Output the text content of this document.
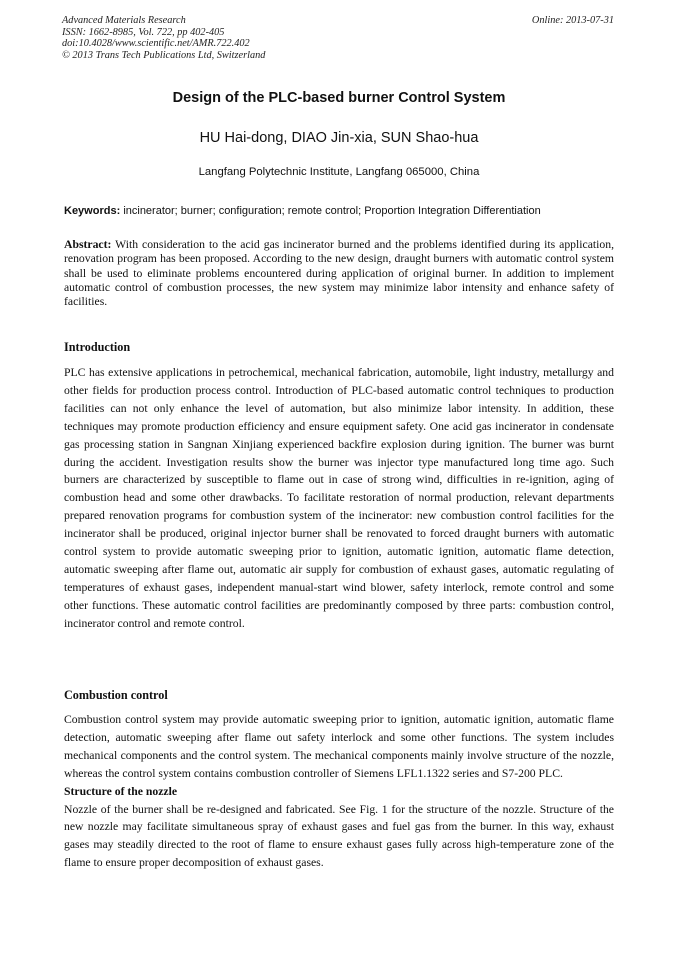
Advanced Materials Research
ISSN: 1662-8985, Vol. 722, pp 402-405
doi:10.4028/www.scientific.net/AMR.722.402
© 2013 Trans Tech Publications Ltd, Switzerland
Online: 2013-07-31
Design of the PLC-based burner Control System
HU Hai-dong, DIAO Jin-xia, SUN Shao-hua
Langfang Polytechnic Institute, Langfang 065000, China
Keywords: incinerator; burner; configuration; remote control; Proportion Integration Differentiation

Abstract: With consideration to the acid gas incinerator burned and the problems identified during its application, renovation program has been proposed. According to the new design, draught burners with automatic control system shall be used to eliminate problems encountered during application of original burner. In addition to implement automatic control of combustion processes, the new system may minimize labor intensity and enhance safety of facilities.

Introduction

PLC has extensive applications in petrochemical, mechanical fabrication, automobile, light industry, metallurgy and other fields for production process control. Introduction of PLC-based automatic control techniques to production facilities can not only enhance the level of automation, but also minimize labor intensity. In addition, these techniques may promote production efficiency and ensure equipment safety. One acid gas incinerator in condensate gas processing station in Sangnan Xinjiang experienced backfire explosion during ignition. The burner was burnt during the accident. Investigation results show the burner was injector type manufactured long time ago. Such burners are characterized by susceptible to flame out in case of strong wind, difficulties in re-ignition, aging of combustion head and some other drawbacks. To facilitate restoration of normal production, relevant departments prepared renovation programs for combustion system of the incinerator: new combustion control facilities for the incinerator shall be produced, original injector burner shall be renovated to forced draught burners with automatic control system to provide automatic sweeping prior to ignition, automatic ignition, automatic flame detection, automatic sweeping after flame out, automatic air supply for combustion of exhaust gases, automatic regulating of temperatures of exhaust gases, independent manual-start wind blower, safety interlock, remote control and some other functions. These automatic control facilities are predominantly composed by three parts: combustion control, incinerator control and remote control.

Combustion control

Combustion control system may provide automatic sweeping prior to ignition, automatic ignition, automatic flame detection, automatic sweeping after flame out safety interlock and some other functions. The system includes mechanical components and the control system. The mechanical components mainly involve structure of the nozzle, whereas the control system contains combustion controller of Siemens LFL1.1322 series and S7-200 PLC.

Structure of the nozzle

Nozzle of the burner shall be re-designed and fabricated. See Fig. 1 for the structure of the nozzle. Structure of the new nozzle may facilitate simultaneous spray of exhaust gases and fuel gas from the burner. In this way, exhaust gases may steadily directed to the root of flame to ensure exhaust gases fully across high-temperature zone of the flame to ensure proper decomposition of exhaust gases.
